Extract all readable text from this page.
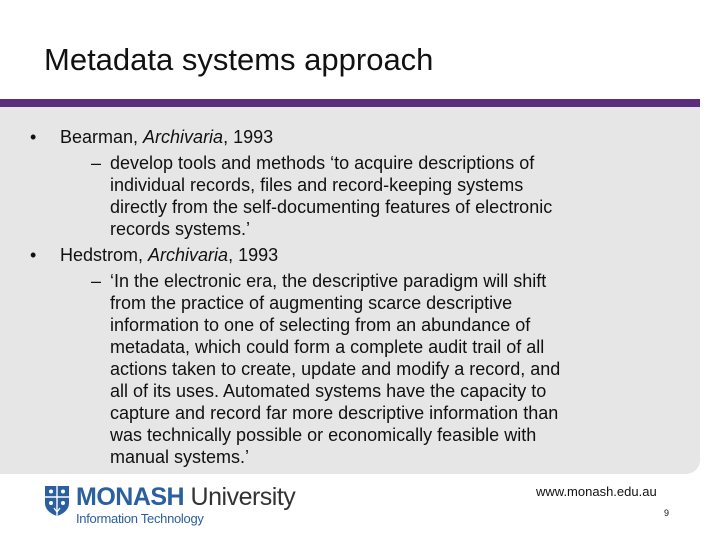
Metadata systems approach
• Bearman, Archivaria, 1993
– develop tools and methods ‘to acquire descriptions of
individual records, files and record-keeping systems
directly from the self-documenting features of electronic
records systems.’
• Hedstrom, Archivaria, 1993
– ‘In the electronic era, the descriptive paradigm will shift
from the practice of augmenting scarce descriptive
information to one of selecting from an abundance of
metadata, which could form a complete audit trail of all
actions taken to create, update and modify a record, and
all of its uses. Automated systems have the capacity to
capture and record far more descriptive information than
was technically possible or economically feasible with
manual systems.’
MONASH University
Information Technology
www.monash.edu.au
9
